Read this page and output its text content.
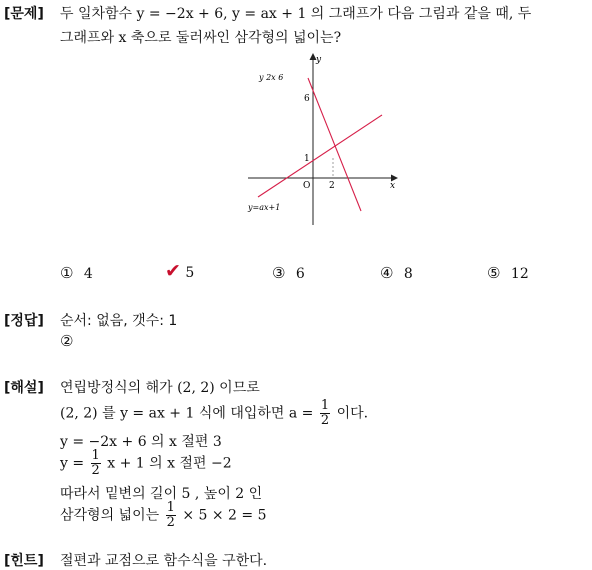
[문제] 두 일차함수 y = −2x + 6, y = ax + 1 의 그래프가 다음 그림과 같을 때, 두
그래프와 x 축으로 둘러싸인 삼각형의 넓이는?
x
y
O
6
1
2
y 2x 6
y=ax+1
① 4	✔ 5	③ 6	④ 8	⑤ 12
[정답] 순서: 없음, 갯수: 1
②
[해설] 연립방정식의 해가 (2, 2) 이므로
(2, 2) 를 y = ax + 1 식에 대입하면 $a = \frac{1}{2}$ 이다.
y = −2x + 6 의 x 절편 3
$y = \frac{1}{2}$ x + 1 의 x 절편 −2
따라서 밑변의 길이 5 , 높이 2 인
삼각형의 넓이는 $\frac{1}{2} \times 5 \times 2 = 5$
[힌트] 절편과 교점으로 함수식을 구한다.
